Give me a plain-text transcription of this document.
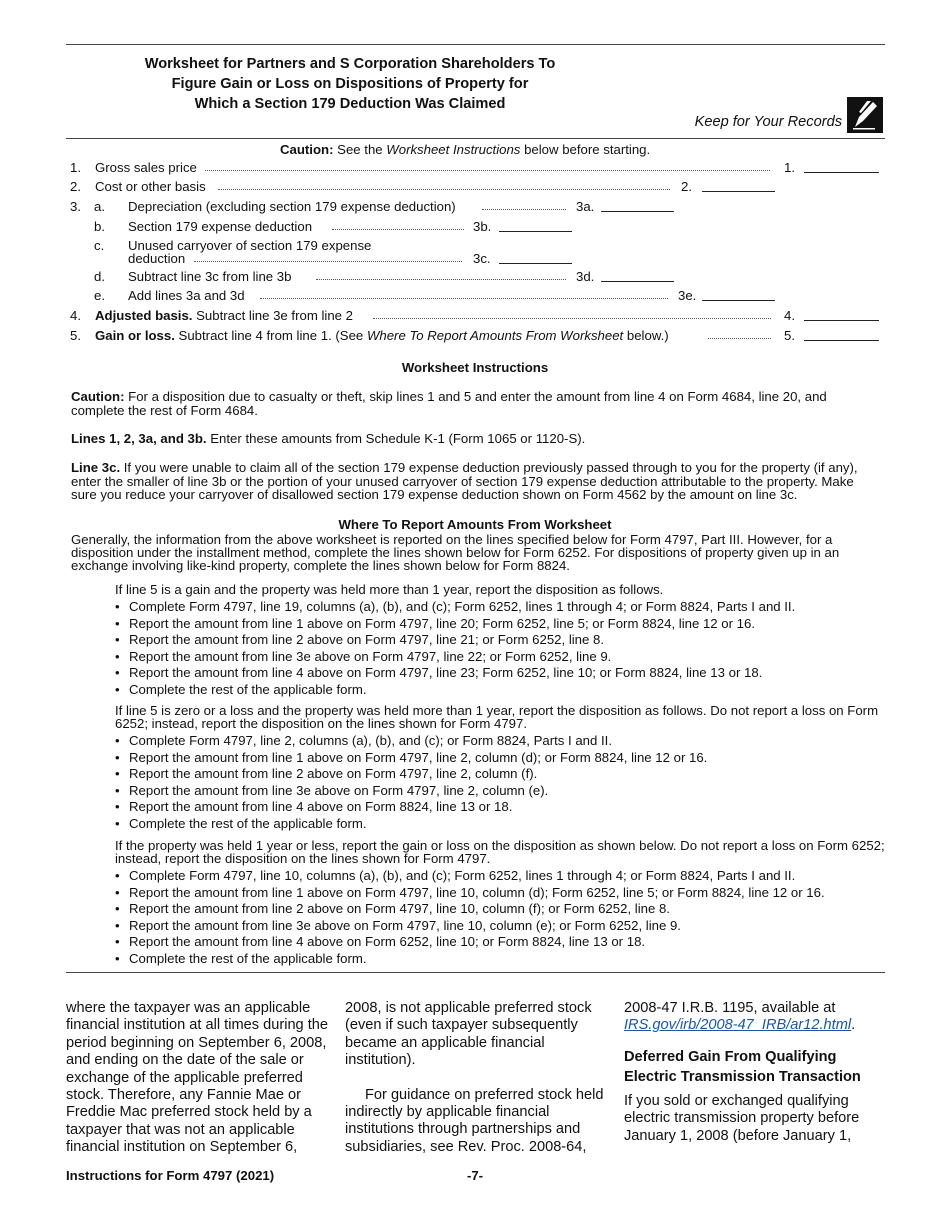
Worksheet for Partners and S Corporation Shareholders To
Figure Gain or Loss on Dispositions of Property for
Which a Section 179 Deduction Was Claimed
Keep for Your Records
Caution: See the Worksheet Instructions below before starting.
1. Gross sales price	1.
2. Cost or other basis	2.
3. a. Depreciation (excluding section 179 expense deduction)	3a.
b. Section 179 expense deduction	3b.
c. Unused carryover of section 179 expense
deduction	3c.
d. Subtract line 3c from line 3b	3d.
e. Add lines 3a and 3d	3e.
4. Adjusted basis. Subtract line 3e from line 2	4.
5. Gain or loss. Subtract line 4 from line 1. (See Where To Report Amounts From Worksheet below.)	5.
Worksheet Instructions
Caution: For a disposition due to casualty or theft, skip lines 1 and 5 and enter the amount from line 4 on Form 4684, line 20, and complete the rest of Form 4684.
Lines 1, 2, 3a, and 3b. Enter these amounts from Schedule K-1 (Form 1065 or 1120-S).
Line 3c. If you were unable to claim all of the section 179 expense deduction previously passed through to you for the property (if any), enter the smaller of line 3b or the portion of your unused carryover of section 179 expense deduction attributable to the property. Make sure you reduce your carryover of disallowed section 179 expense deduction shown on Form 4562 by the amount on line 3c.
Where To Report Amounts From Worksheet
Generally, the information from the above worksheet is reported on the lines specified below for Form 4797, Part III. However, for a disposition under the installment method, complete the lines shown below for Form 6252. For dispositions of property given up in an exchange involving like-kind property, complete the lines shown below for Form 8824.
If line 5 is a gain and the property was held more than 1 year, report the disposition as follows.
• Complete Form 4797, line 19, columns (a), (b), and (c); Form 6252, lines 1 through 4; or Form 8824, Parts I and II.
• Report the amount from line 1 above on Form 4797, line 20; Form 6252, line 5; or Form 8824, line 12 or 16.
• Report the amount from line 2 above on Form 4797, line 21; or Form 6252, line 8.
• Report the amount from line 3e above on Form 4797, line 22; or Form 6252, line 9.
• Report the amount from line 4 above on Form 4797, line 23; Form 6252, line 10; or Form 8824, line 13 or 18.
• Complete the rest of the applicable form.
If line 5 is zero or a loss and the property was held more than 1 year, report the disposition as follows. Do not report a loss on Form 6252; instead, report the disposition on the lines shown for Form 4797.
• Complete Form 4797, line 2, columns (a), (b), and (c); or Form 8824, Parts I and II.
• Report the amount from line 1 above on Form 4797, line 2, column (d); or Form 8824, line 12 or 16.
• Report the amount from line 2 above on Form 4797, line 2, column (f).
• Report the amount from line 3e above on Form 4797, line 2, column (e).
• Report the amount from line 4 above on Form 8824, line 13 or 18.
• Complete the rest of the applicable form.
If the property was held 1 year or less, report the gain or loss on the disposition as shown below. Do not report a loss on Form 6252; instead, report the disposition on the lines shown for Form 4797.
• Complete Form 4797, line 10, columns (a), (b), and (c); Form 6252, lines 1 through 4; or Form 8824, Parts I and II.
• Report the amount from line 1 above on Form 4797, line 10, column (d); Form 6252, line 5; or Form 8824, line 12 or 16.
• Report the amount from line 2 above on Form 4797, line 10, column (f); or Form 6252, line 8.
• Report the amount from line 3e above on Form 4797, line 10, column (e); or Form 6252, line 9.
• Report the amount from line 4 above on Form 6252, line 10; or Form 8824, line 13 or 18.
• Complete the rest of the applicable form.

where the taxpayer was an applicable financial institution at all times during the period beginning on September 6, 2008, and ending on the date of the sale or exchange of the applicable preferred stock. Therefore, any Fannie Mae or Freddie Mac preferred stock held by a taxpayer that was not an applicable financial institution on September 6,

2008, is not applicable preferred stock (even if such taxpayer subsequently became an applicable financial institution).

For guidance on preferred stock held indirectly by applicable financial institutions through partnerships and subsidiaries, see Rev. Proc. 2008-64,

2008-47 I.R.B. 1195, available at IRS.gov/irb/2008-47_IRB/ar12.html.

Deferred Gain From Qualifying Electric Transmission Transaction

If you sold or exchanged qualifying electric transmission property before January 1, 2008 (before January 1,

Instructions for Form 4797 (2021)	-7-
